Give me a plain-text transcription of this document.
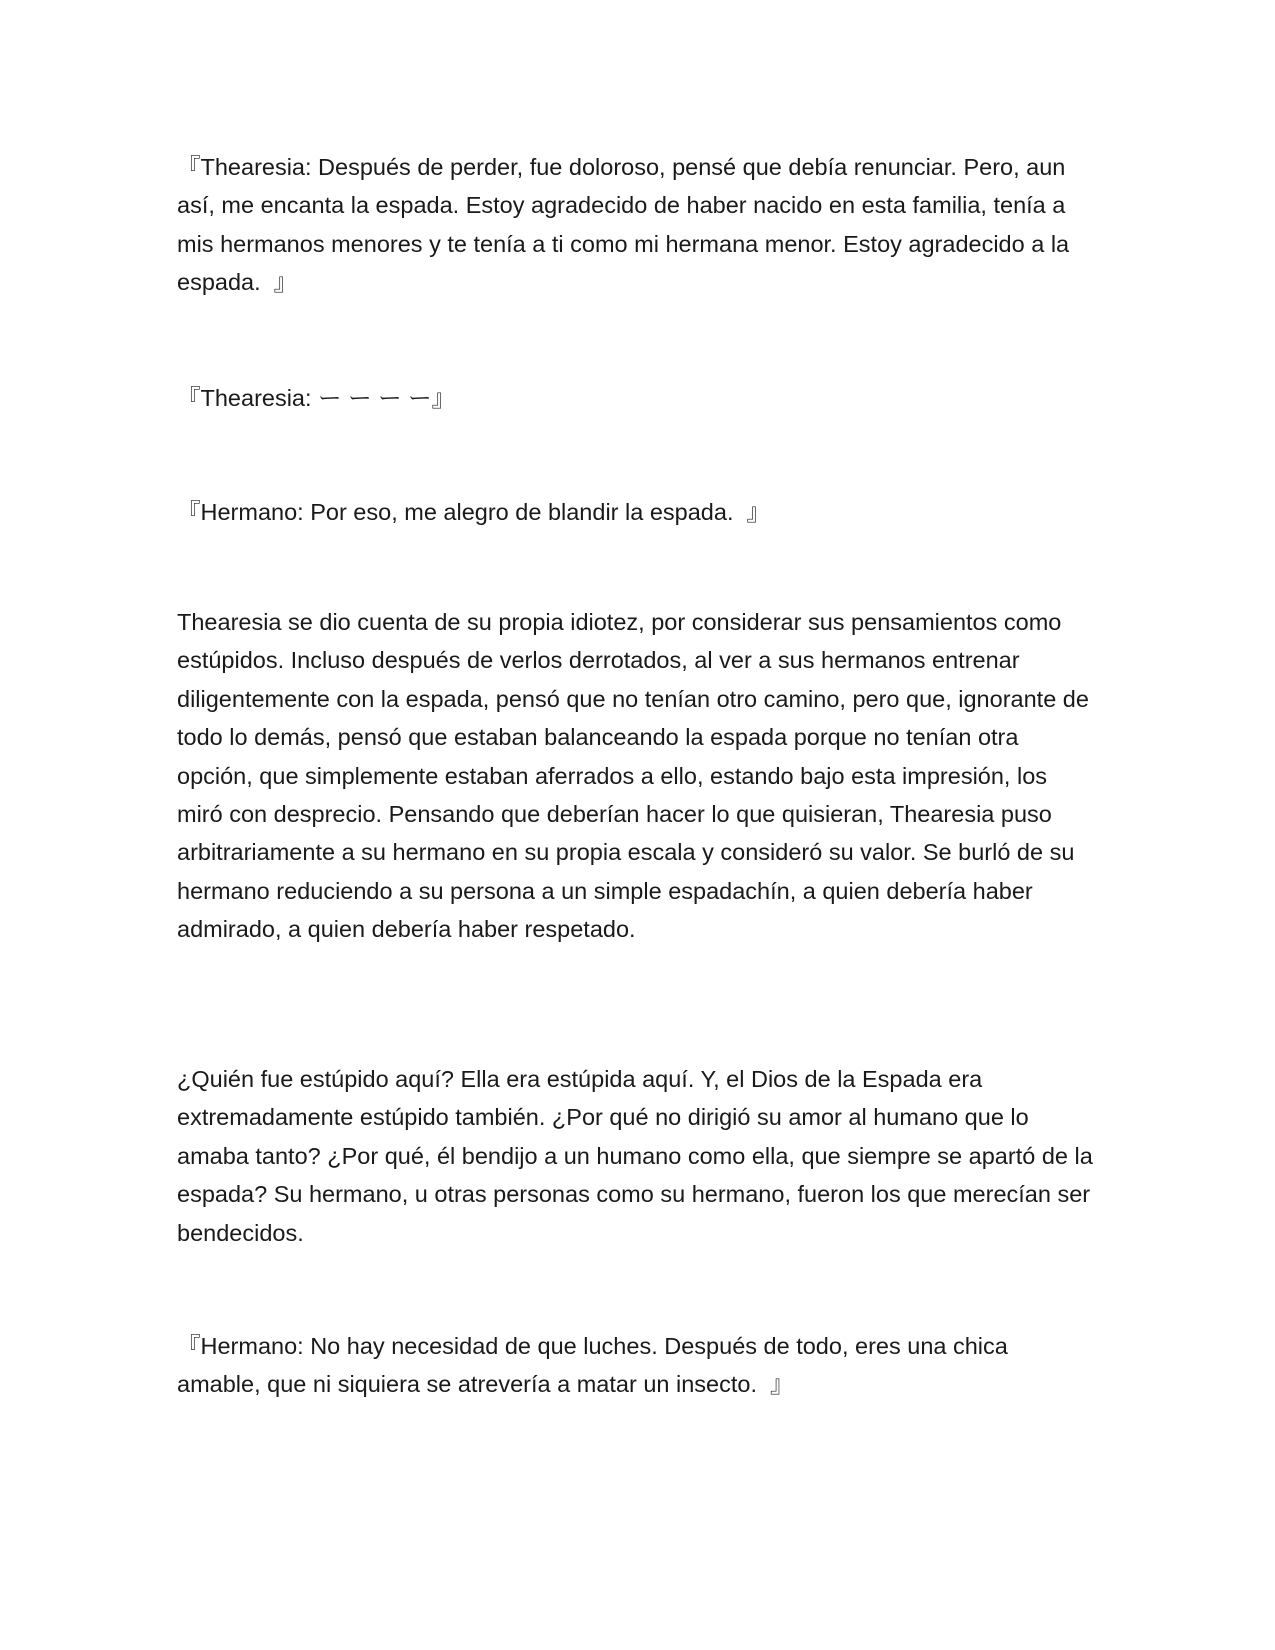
『Thearesia: Después de perder, fue doloroso, pensé que debía renunciar. Pero, aun así, me encanta la espada. Estoy agradecido de haber nacido en esta familia, tenía a mis hermanos menores y te tenía a ti como mi hermana menor. Estoy agradecido a la espada.  』

『Thearesia: ー ー ー ー』

『Hermano: Por eso, me alegro de blandir la espada.  』

Thearesia se dio cuenta de su propia idiotez, por considerar sus pensamientos como estúpidos. Incluso después de verlos derrotados, al ver a sus hermanos entrenar diligentemente con la espada, pensó que no tenían otro camino, pero que, ignorante de todo lo demás, pensó que estaban balanceando la espada porque no tenían otra opción, que simplemente estaban aferrados a ello, estando bajo esta impresión, los miró con desprecio. Pensando que deberían hacer lo que quisieran, Thearesia puso arbitrariamente a su hermano en su propia escala y consideró su valor. Se burló de su hermano reduciendo a su persona a un simple espadachín, a quien debería haber admirado, a quien debería haber respetado.

¿Quién fue estúpido aquí? Ella era estúpida aquí. Y, el Dios de la Espada era extremadamente estúpido también. ¿Por qué no dirigió su amor al humano que lo amaba tanto? ¿Por qué, él bendijo a un humano como ella, que siempre se apartó de la espada? Su hermano, u otras personas como su hermano, fueron los que merecían ser bendecidos.

『Hermano: No hay necesidad de que luches. Después de todo, eres una chica amable, que ni siquiera se atrevería a matar un insecto.  』
